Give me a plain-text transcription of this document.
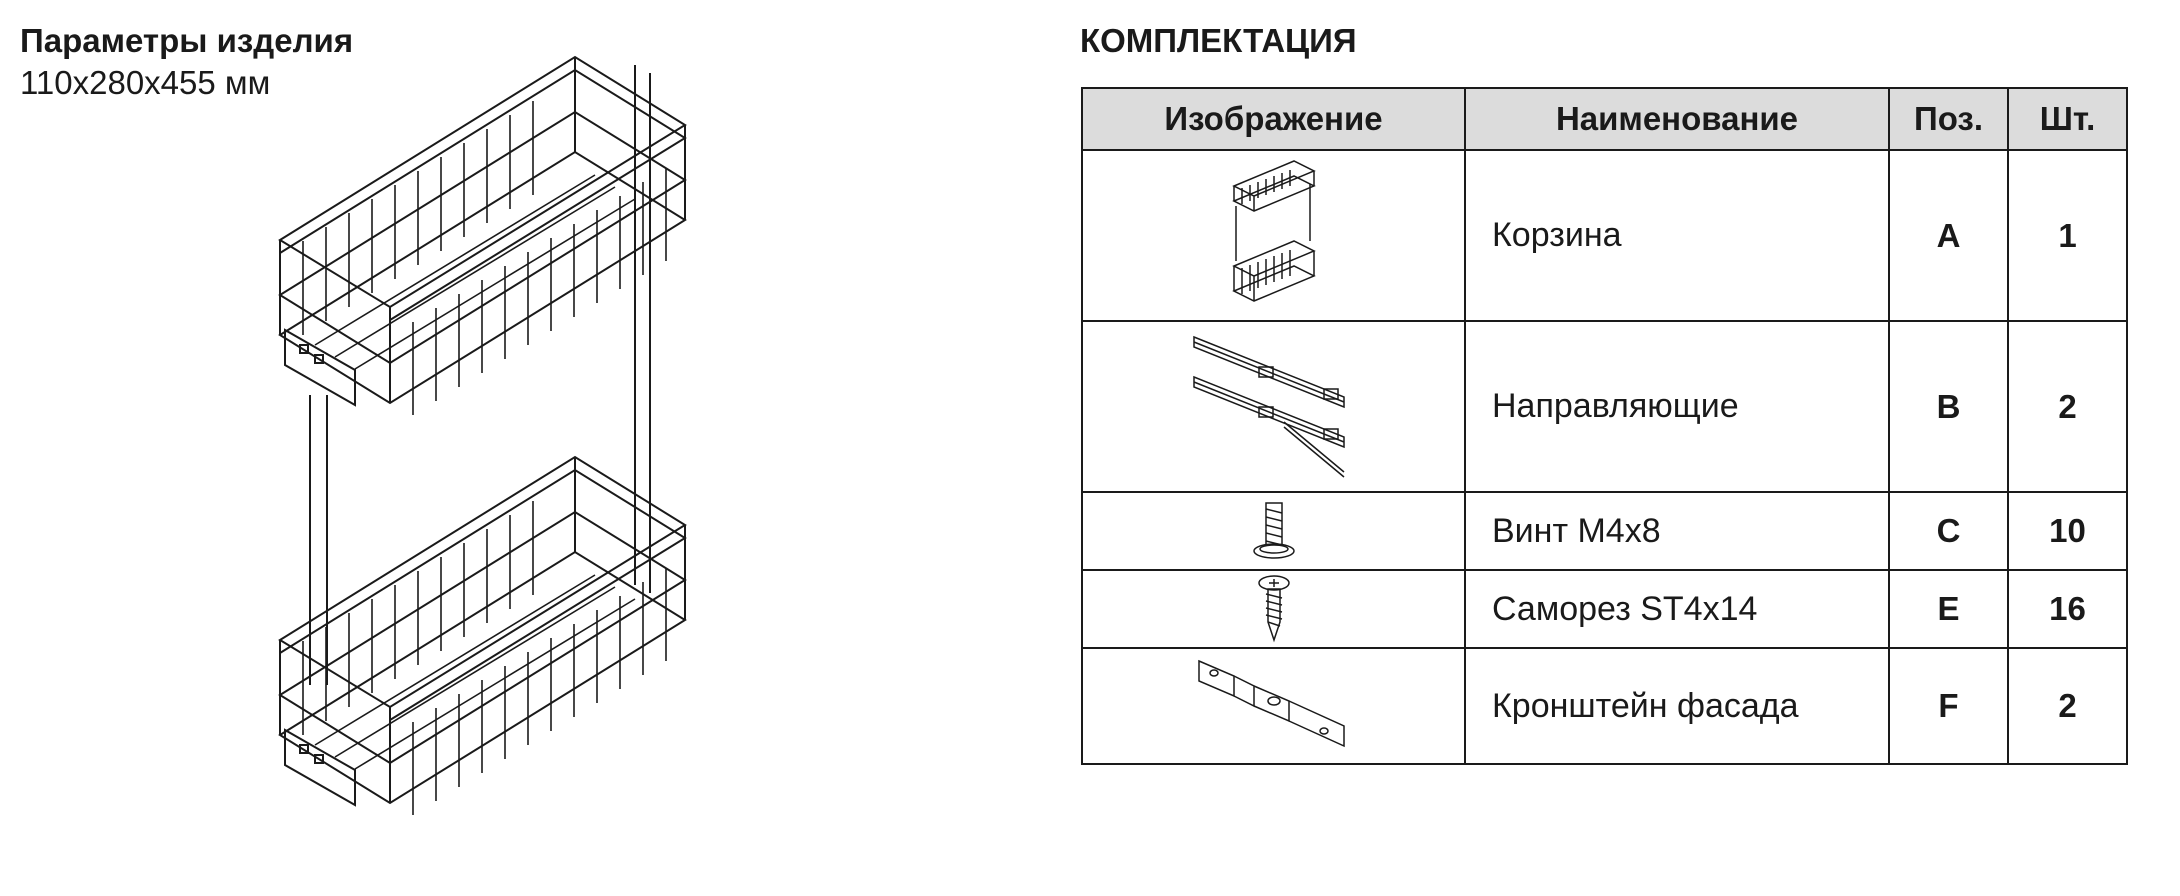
Параметры изделия
110x280x455 мм
КОМПЛЕКТАЦИЯ
Изображение	Наименование	Поз.	Шт.

	Корзина	A	1

	Направляющие	B	2

	Винт М4х8	C	10

	Саморез ST4x14	E	16

	Кронштейн фасада	F	2
